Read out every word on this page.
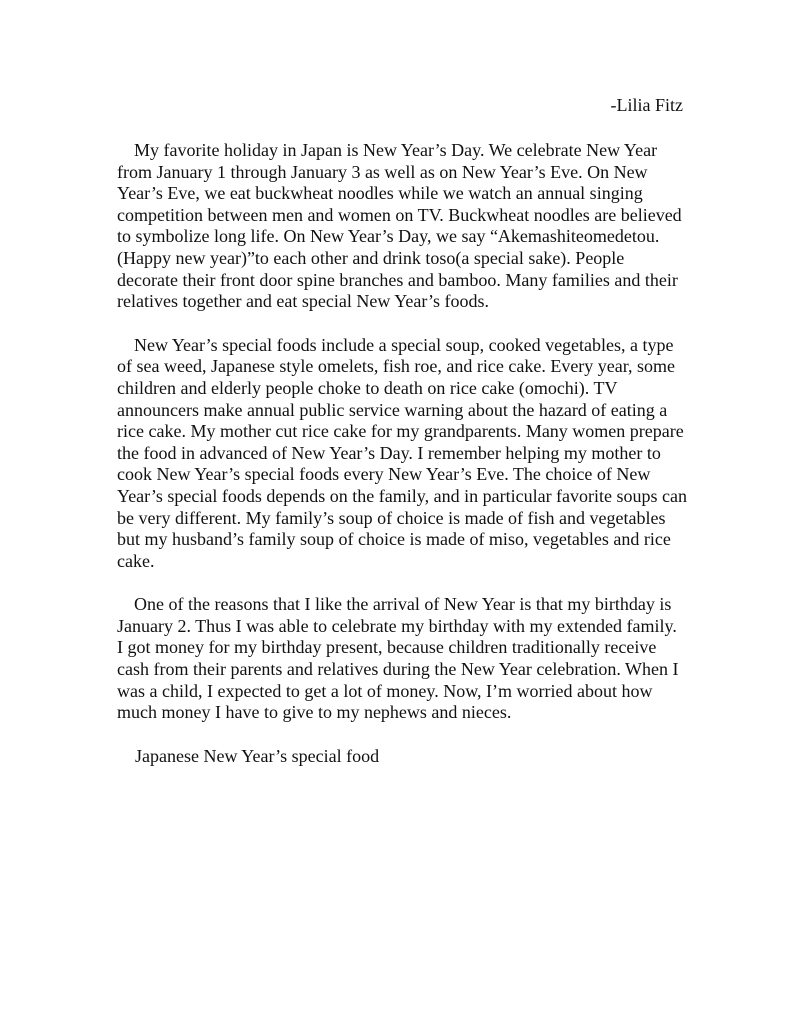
-Lilia Fitz

My favorite holiday in Japan is New Year’s Day. We celebrate New Year from January 1 through January 3 as well as on New Year’s Eve. On New Year’s Eve, we eat buckwheat noodles while we watch an annual singing competition between men and women on TV. Buckwheat noodles are believed to symbolize long life. On New Year’s Day, we say “Akemashiteomedetou.(Happy new year)”to each other and drink toso(a special sake). People decorate their front door spine branches and bamboo. Many families and their relatives together and eat special New Year’s foods.

New Year’s special foods include a special soup, cooked vegetables, a type of sea weed, Japanese style omelets, fish roe, and rice cake. Every year, some children and elderly people choke to death on rice cake (omochi). TV announcers make annual public service warning about the hazard of eating a rice cake. My mother cut rice cake for my grandparents. Many women prepare the food in advanced of New Year’s Day. I remember helping my mother to cook New Year’s special foods every New Year’s Eve. The choice of New Year’s special foods depends on the family, and in particular favorite soups can be very different. My family’s soup of choice is made of fish and vegetables but my husband’s family soup of choice is made of miso, vegetables and rice cake.

One of the reasons that I like the arrival of New Year is that my birthday is January 2. Thus I was able to celebrate my birthday with my extended family. I got money for my birthday present, because children traditionally receive cash from their parents and relatives during the New Year celebration. When I was a child, I expected to get a lot of money. Now, I’m worried about how much money I have to give to my nephews and nieces.

Japanese New Year’s special food
